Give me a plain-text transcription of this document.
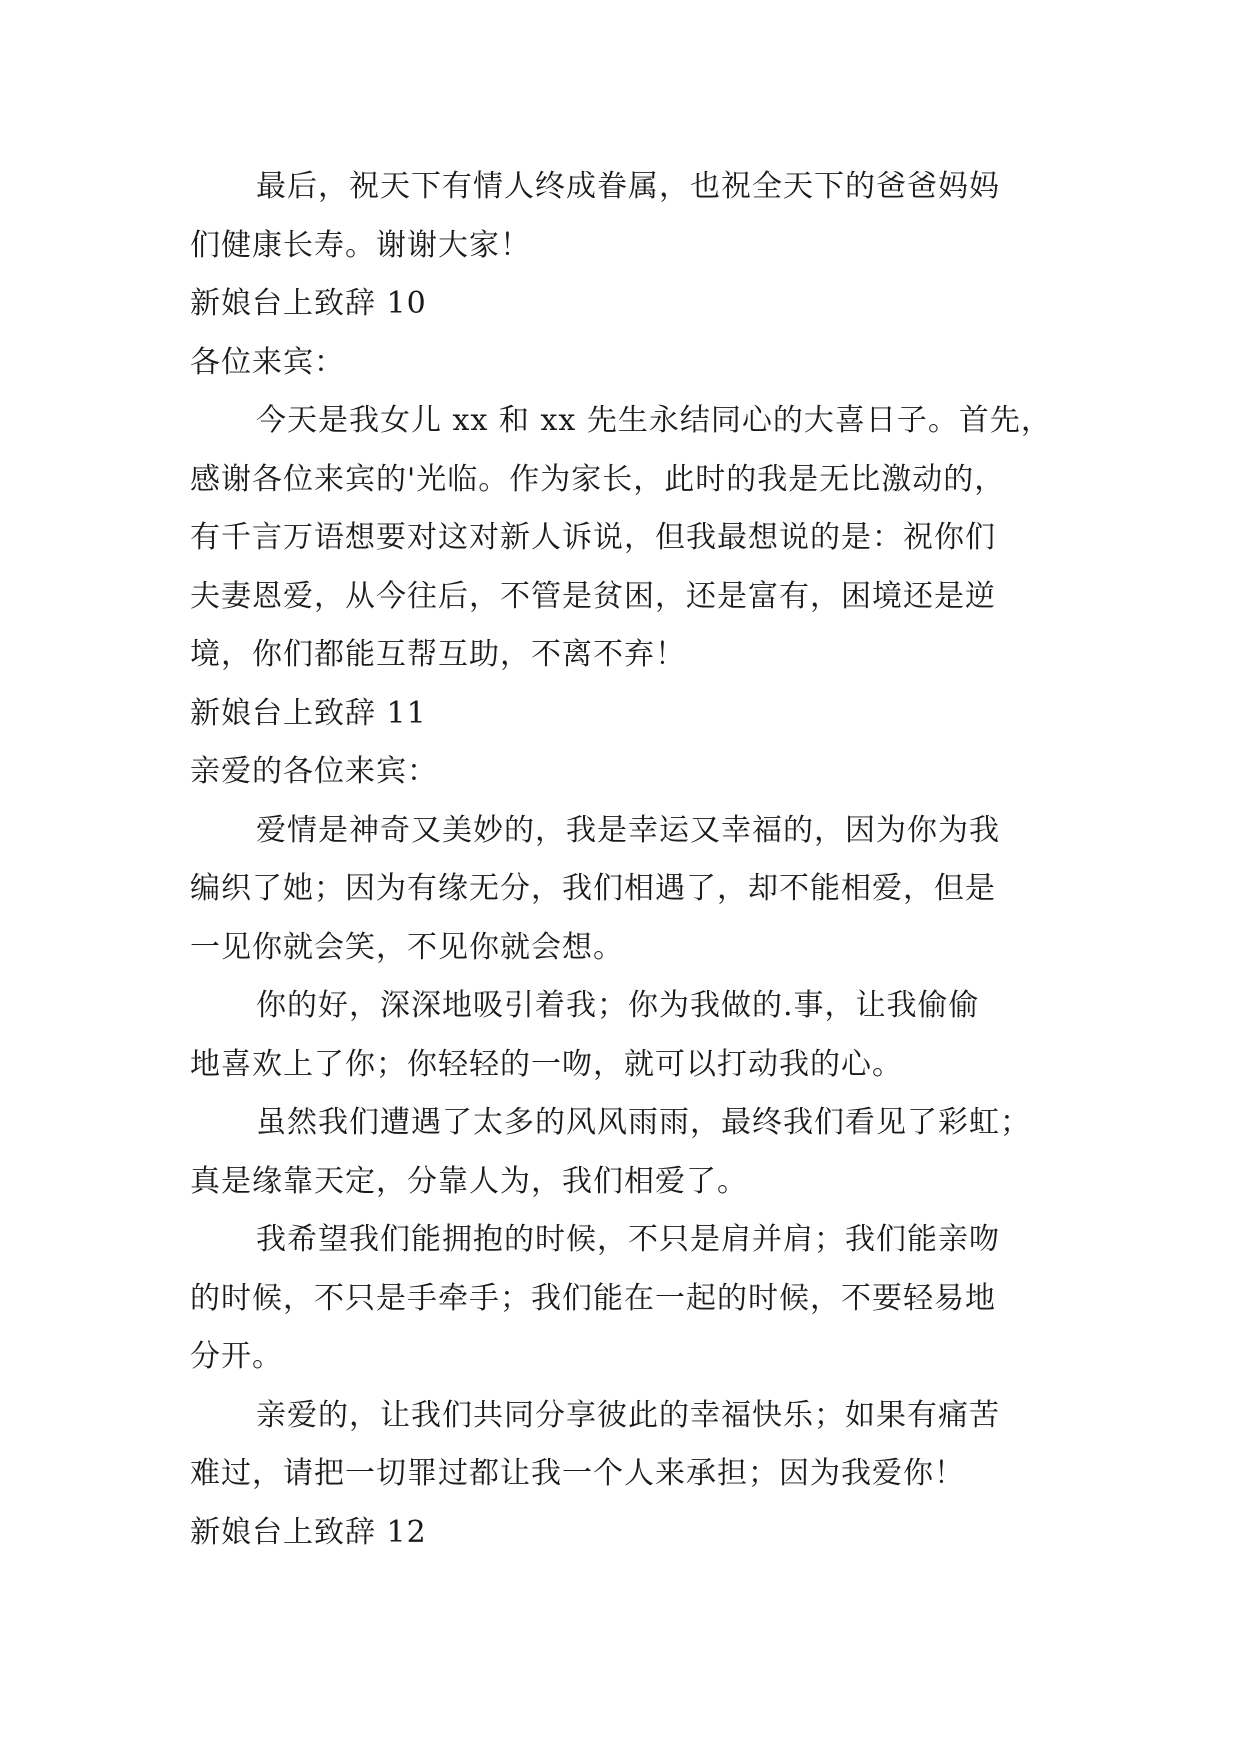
最后，祝天下有情人终成眷属，也祝全天下的爸爸妈妈
们健康长寿。谢谢大家！
新娘台上致辞 10
各位来宾：
今天是我女儿 xx 和 xx 先生永结同心的大喜日子。首先，
感谢各位来宾的'光临。作为家长，此时的我是无比激动的，
有千言万语想要对这对新人诉说，但我最想说的是：祝你们
夫妻恩爱，从今往后，不管是贫困，还是富有，困境还是逆
境，你们都能互帮互助，不离不弃！
新娘台上致辞 11
亲爱的各位来宾：
爱情是神奇又美妙的，我是幸运又幸福的，因为你为我
编织了她；因为有缘无分，我们相遇了，却不能相爱，但是
一见你就会笑，不见你就会想。
你的好，深深地吸引着我；你为我做的.事，让我偷偷
地喜欢上了你；你轻轻的一吻，就可以打动我的心。
虽然我们遭遇了太多的风风雨雨，最终我们看见了彩虹；
真是缘靠天定，分靠人为，我们相爱了。
我希望我们能拥抱的时候，不只是肩并肩；我们能亲吻
的时候，不只是手牵手；我们能在一起的时候，不要轻易地
分开。
亲爱的，让我们共同分享彼此的幸福快乐；如果有痛苦
难过，请把一切罪过都让我一个人来承担；因为我爱你！
新娘台上致辞 12
